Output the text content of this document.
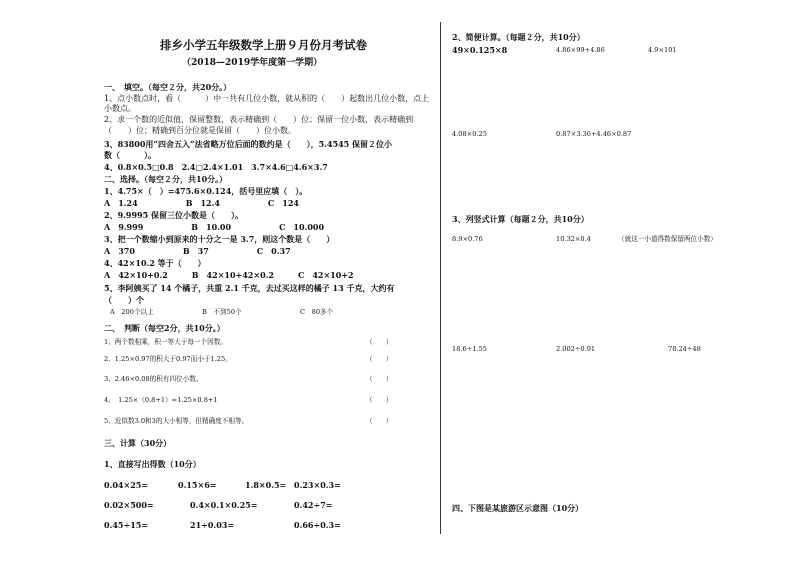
排乡小学五年级数学上册９月份月考试卷
（2018—2019学年度第一学期）
一、　填空。（每空２分，共20分。）
1、点小数点时，看（　　　）中一共有几位小数，就从积的（　　）起数出几位小数，点上
小数点。
2、求一个数的近似值，保留整数，表示精确到（　　）位；保留一位小数，表示精确到
（　　）位；精确到百分位就是保留（　　）位小数。
3、83800用“四舍五入”法省略万位后面的数约是（　　），5.4545 保留２位小
数（　　　）。
4、0.8×0.5□0.8　2.4□2.4×1.01　3.7×4.6□4.6×3.7
二、选择。（每空２分，共10分。）
1、4.75×（　）=475.6×0.124，括号里应填（　）。
A　1.24　　　　　　B　12.4　　　　　　C　124
2、9.9995 保留三位小数是（　　）。
A　9.999　　　　　　B　10.00　　　　　　C　10.000
3、把一个数缩小到原来的十分之一是 3.7，则这个数是（　　）
A　370　　　　　　B　37　　　　　　C　0.37
4、42×10.2 等于（　　）
A　42×10+0.2　　　B　42×10+42×0.2　　　C　42×10+2
5、李阿姨买了 14 个橘子，共重 2.1 千克，去过买这样的橘子 13 千克，大约有
（　　）个
A　200个以上	B　不到50个	C　80多个
二、　判断（每空2分，共10分。）
1、两个数相乘，积一等大于每一个因数。	（　　）
2、1.25×0.97的积大于0.97而小于1.25。	（　　）
3、2.46×0.08的积有四位小数。	（　　）
4、　1.25×（0.8+1）=1.25×0.8+1	（　　）
5、近似数3.0和3的大小相等，但精确度不相等。	（　　）
三、计算（30分）
1、直接写出得数（10分）
0.04×25=	0.15×6=	1.8×0.5= 0.23×0.3=
0.02×500=	0.4×0.1×0.25=	0.42÷7=
0.45÷15=	21÷0.03=	0.66÷0.3=
2、简便计算。（每题２分，共10分）
49×0.125×8	4.86×99+4.86	4.9×101
4.08×0.25	0.87×3.36+4.46×0.87
3、列竖式计算（每题２分，共10分）
8.9×0.76	10.32×0.4	（就这一小道得数保留两位小数）
18.6÷1.55	2.002÷0.91	78.24÷48
四、下图是某旅游区示意图（10分）
